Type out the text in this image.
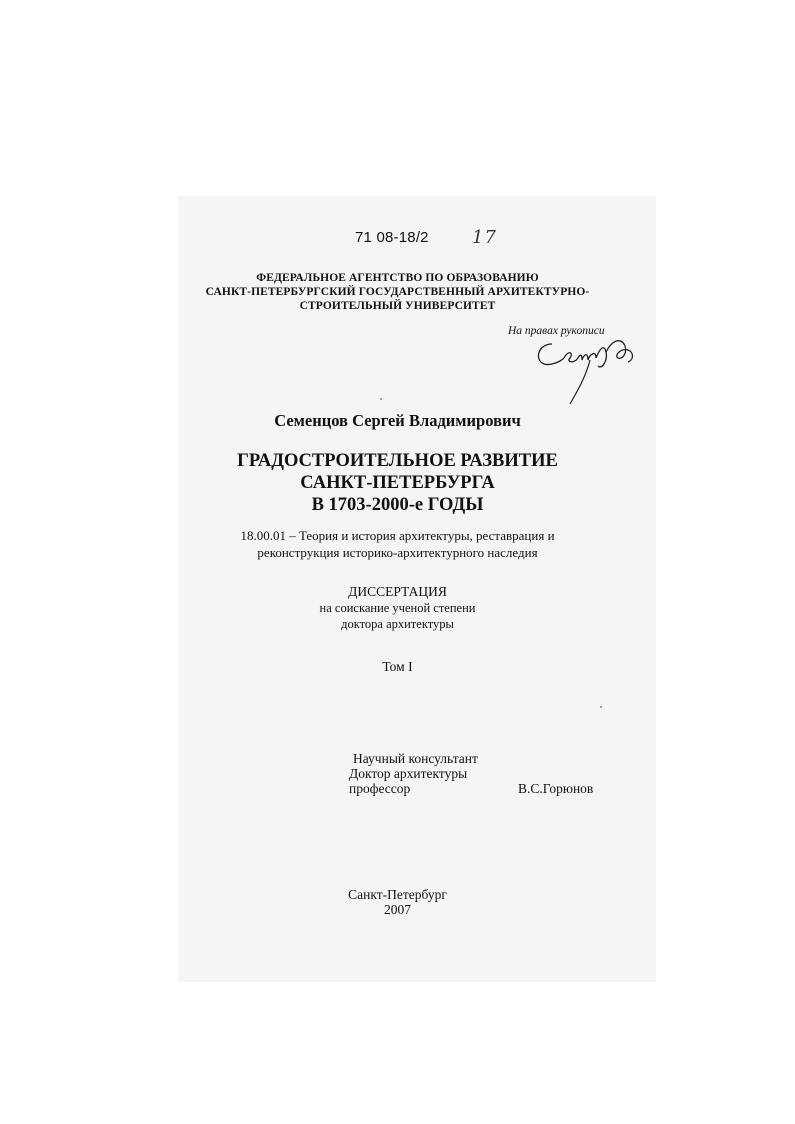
71 08-18/2 17
ФЕДЕРАЛЬНОЕ АГЕНТСТВО ПО ОБРАЗОВАНИЮ
САНКТ-ПЕТЕРБУРГСКИЙ ГОСУДАРСТВЕННЫЙ АРХИТЕКТУРНО-
СТРОИТЕЛЬНЫЙ УНИВЕРСИТЕТ
На правах рукописи
Семенцов Сергей Владимирович
ГРАДОСТРОИТЕЛЬНОЕ РАЗВИТИЕ
САНКТ-ПЕТЕРБУРГА
В 1703-2000-е ГОДЫ
18.00.01 – Теория и история архитектуры, реставрация и
реконструкция историко-архитектурного наследия
ДИССЕРТАЦИЯ
на соискание ученой степени
доктора архитектуры
Том I
Научный консультант
Доктор архитектуры
профессор	В.С.Горюнов
Санкт-Петербург
2007
